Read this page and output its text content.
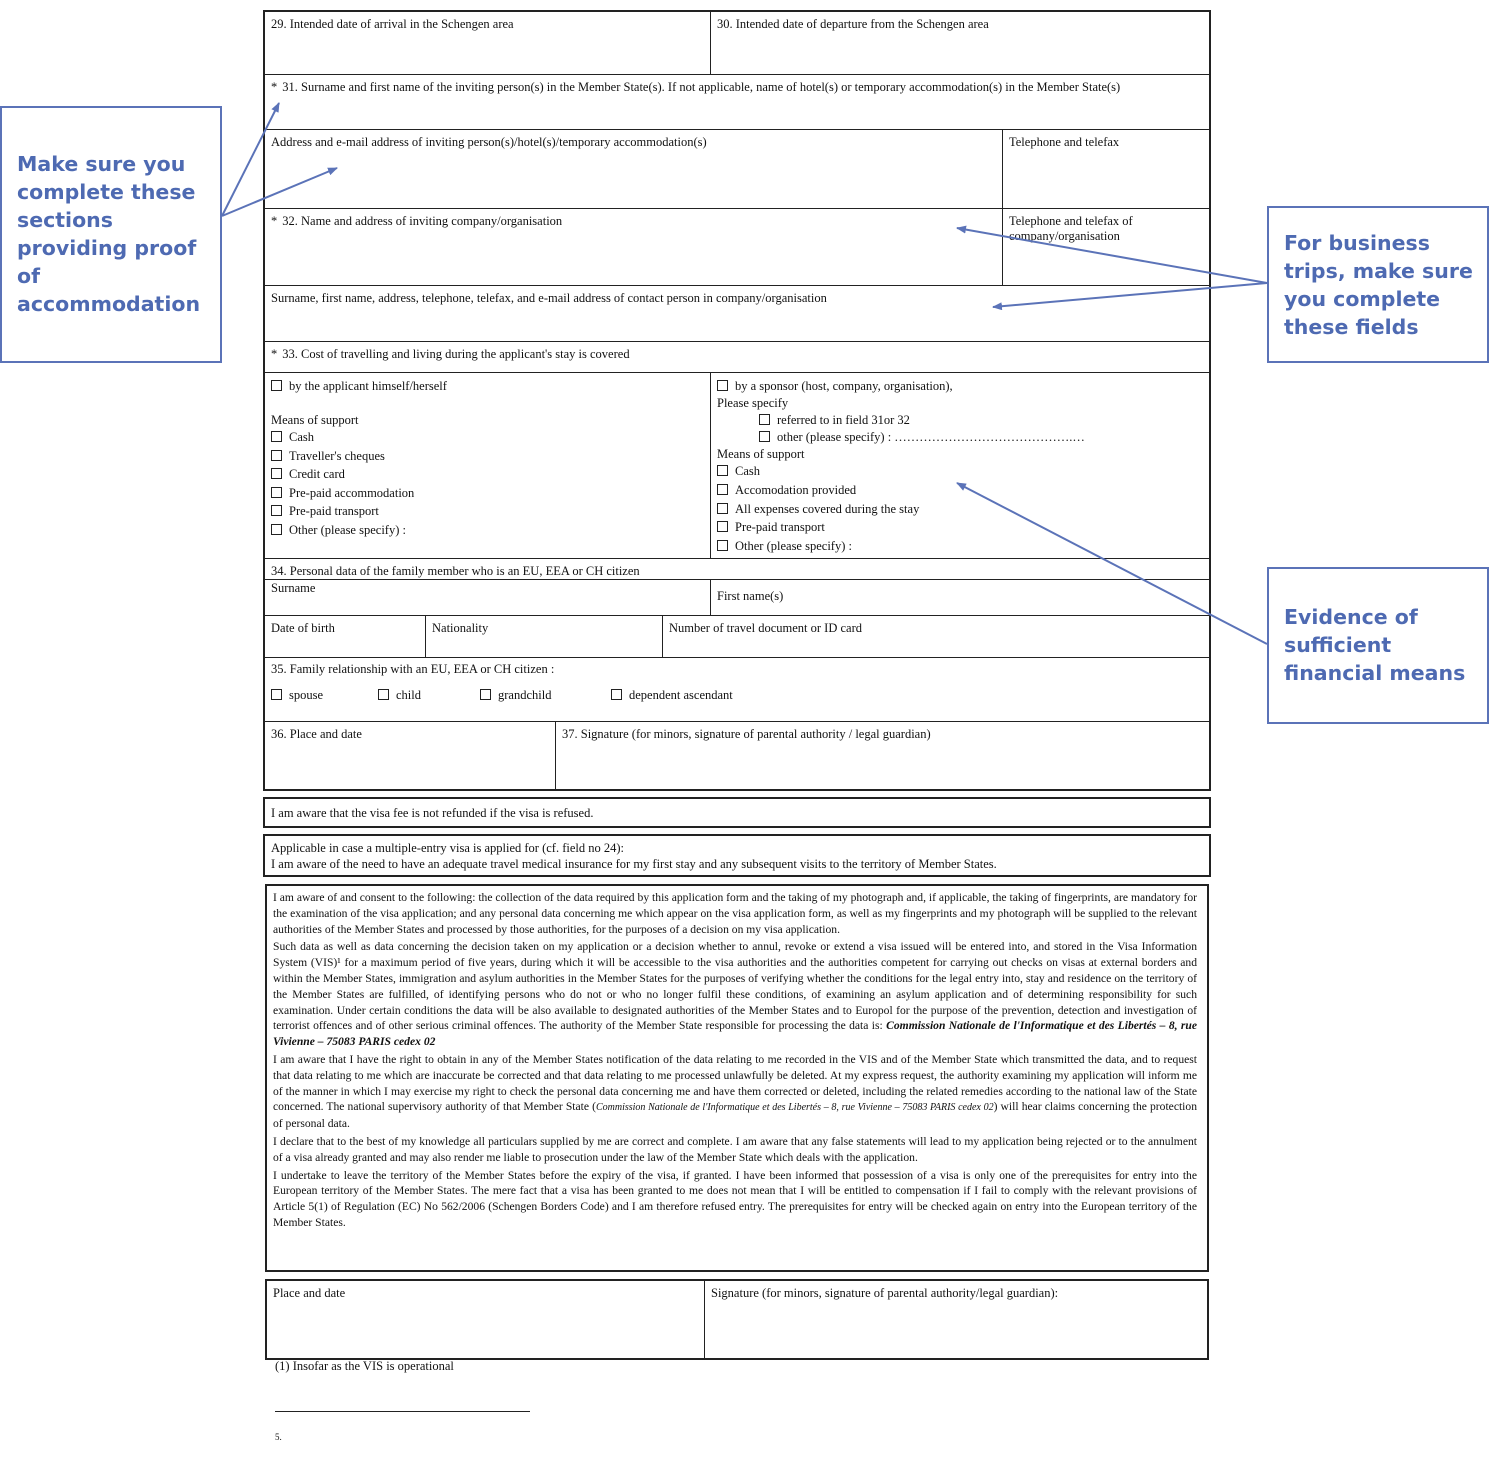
29. Intended date of arrival in the Schengen area	30. Intended date of departure from the Schengen area
* 31. Surname and first name of the inviting person(s) in the Member State(s). If not applicable, name of hotel(s) or temporary accommodation(s) in the Member State(s)
Address and e-mail address of inviting person(s)/hotel(s)/temporary accommodation(s)	Telephone and telefax
* 32. Name and address of inviting company/organisation	Telephone and telefax of company/organisation
Surname, first name, address, telephone, telefax, and e-mail address of contact person in company/organisation
* 33. Cost of travelling and living during the applicant's stay is covered
by the applicant himself/herself
Means of support
Cash
Traveller's cheques
Credit card
Pre-paid accommodation
Pre-paid transport
Other (please specify) :
by a sponsor (host, company, organisation),
Please specify
referred to in field 31or 32
other (please specify) : …………………………………….…
Means of support
Cash
Accomodation provided
All expenses covered during the stay
Pre-paid transport
Other (please specify) :
34. Personal data of the family member who is an EU, EEA or CH citizen
Surname
First name(s)
Date of birth	Nationality	Number of travel document or ID card
35. Family relationship with an EU, EEA or CH citizen :
spouse	child	grandchild	dependent ascendant
36. Place and date	37. Signature (for minors, signature of parental authority / legal guardian)
I am aware that the visa fee is not refunded if the visa is refused.
Applicable in case a multiple-entry visa is applied for (cf. field no 24):
I am aware of the need to have an adequate travel medical insurance for my first stay and any subsequent visits to the territory of Member States.

I am aware of and consent to the following: the collection of the data required by this application form and the taking of my photograph and, if applicable, the taking of fingerprints, are mandatory for the examination of the visa application; and any personal data concerning me which appear on the visa application form, as well as my fingerprints and my photograph will be supplied to the relevant authorities of the Member States and processed by those authorities, for the purposes of a decision on my visa application.

Such data as well as data concerning the decision taken on my application or a decision whether to annul, revoke or extend a visa issued will be entered into, and stored in the Visa Information System (VIS)¹ for a maximum period of five years, during which it will be accessible to the visa authorities and the authorities competent for carrying out checks on visas at external borders and within the Member States, immigration and asylum authorities in the Member States for the purposes of verifying whether the conditions for the legal entry into, stay and residence on the territory of the Member States are fulfilled, of identifying persons who do not or who no longer fulfil these conditions, of examining an asylum application and of determining responsibility for such examination. Under certain conditions the data will be also available to designated authorities of the Member States and to Europol for the purpose of the prevention, detection and investigation of terrorist offences and of other serious criminal offences. The authority of the Member State responsible for processing the data is: Commission Nationale de l'Informatique et des Libertés – 8, rue Vivienne – 75083 PARIS cedex 02

I am aware that I have the right to obtain in any of the Member States notification of the data relating to me recorded in the VIS and of the Member State which transmitted the data, and to request that data relating to me which are inaccurate be corrected and that data relating to me processed unlawfully be deleted. At my express request, the authority examining my application will inform me of the manner in which I may exercise my right to check the personal data concerning me and have them corrected or deleted, including the related remedies according to the national law of the State concerned. The national supervisory authority of that Member State (Commission Nationale de l'Informatique et des Libertés – 8, rue Vivienne – 75083 PARIS cedex 02) will hear claims concerning the protection of personal data.

I declare that to the best of my knowledge all particulars supplied by me are correct and complete. I am aware that any false statements will lead to my application being rejected or to the annulment of a visa already granted and may also render me liable to prosecution under the law of the Member State which deals with the application.

I undertake to leave the territory of the Member States before the expiry of the visa, if granted. I have been informed that possession of a visa is only one of the prerequisites for entry into the European territory of the Member States. The mere fact that a visa has been granted to me does not mean that I will be entitled to compensation if I fail to comply with the relevant provisions of Article 5(1) of Regulation (EC) No 562/2006 (Schengen Borders Code) and I am therefore refused entry. The prerequisites for entry will be checked again on entry into the European territory of the Member States.

Place and date	Signature (for minors, signature of parental authority/legal guardian):
(1) Insofar as the VIS is operational
5.
Make sure you complete these sections providing proof of accommodation
For business trips, make sure you complete these fields
Evidence of sufficient financial means
